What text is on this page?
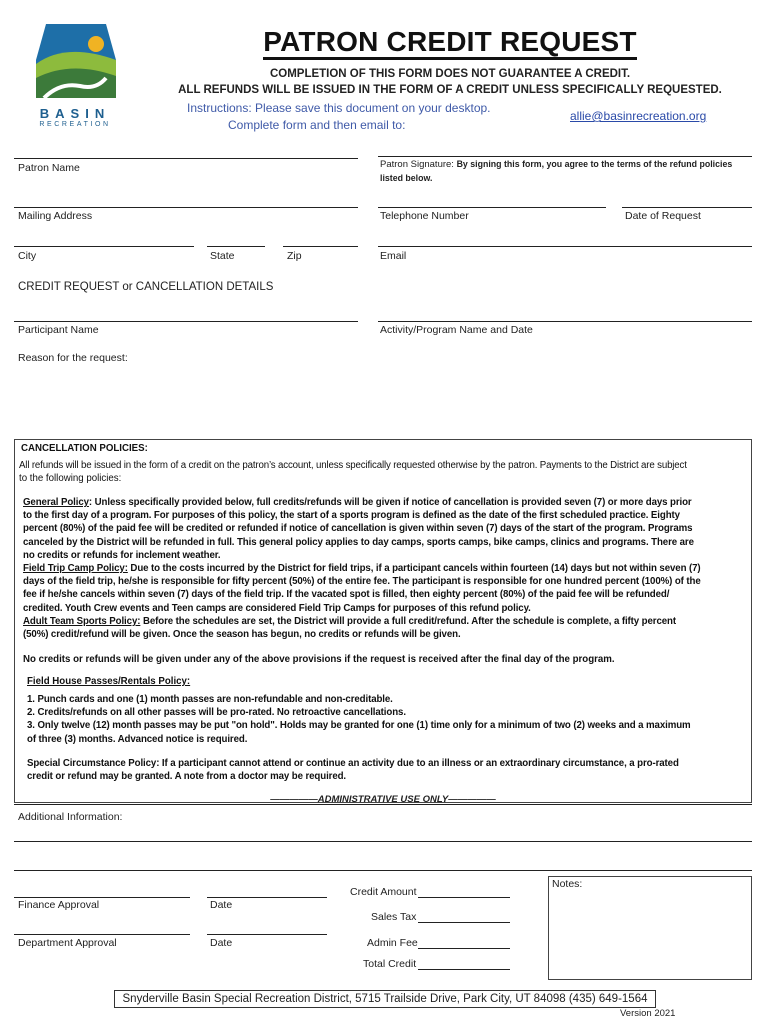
BASIN
RECREATION
PATRON CREDIT REQUEST
COMPLETION OF THIS FORM DOES NOT GUARANTEE A CREDIT.
ALL REFUNDS WILL BE ISSUED IN THE FORM OF A CREDIT UNLESS SPECIFICALLY REQUESTED.
Instructions: Please save this document on your desktop.
Complete form and then email to:
allie@basinrecreation.org
Patron Name	Patron Signature: By signing this form, you agree to the terms of the refund policies
listed below.
Mailing Address	Telephone Number	Date of Request
City	State	Zip	Email
CREDIT REQUEST or CANCELLATION DETAILS
Participant Name	Activity/Program Name and Date
Reason for the request:
CANCELLATION POLICIES:
All refunds will be issued in the form of a credit on the patron’s account, unless specifically requested otherwise by the patron. Payments to the District are subject
to the following policies:
General Policy: Unless specifically provided below, full credits/refunds will be given if notice of cancellation is provided seven (7) or more days prior
to the first day of a program. For purposes of this policy, the start of a sports program is defined as the date of the first scheduled practice. Eighty
percent (80%) of the paid fee will be credited or refunded if notice of cancellation is given within seven (7) days of the start of the program. Programs
canceled by the District will be refunded in full. This general policy applies to day camps, sports camps, bike camps, clinics and programs. There are
no credits or refunds for inclement weather.
Field Trip Camp Policy: Due to the costs incurred by the District for field trips, if a participant cancels within fourteen (14) days but not within seven (7)
days of the field trip, he/she is responsible for fifty percent (50%) of the entire fee. The participant is responsible for one hundred percent (100%) of the
fee if he/she cancels within seven (7) days of the field trip. If the vacated spot is filled, then eighty percent (80%) of the paid fee will be refunded/
credited. Youth Crew events and Teen camps are considered Field Trip Camps for purposes of this refund policy.
Adult Team Sports Policy: Before the schedules are set, the District will provide a full credit/refund. After the schedule is complete, a fifty percent
(50%) credit/refund will be given. Once the season has begun, no credits or refunds will be given.
No credits or refunds will be given under any of the above provisions if the request is received after the final day of the program.
Field House Passes/Rentals Policy:
1. Punch cards and one (1) month passes are non-refundable and non-creditable.
2. Credits/refunds on all other passes will be pro-rated. No retroactive cancellations.
3. Only twelve (12) month passes may be put "on hold". Holds may be granted for one (1) time only for a minimum of two (2) weeks and a maximum
of three (3) months. Advanced notice is required.
Special Circumstance Policy: If a participant cannot attend or continue an activity due to an illness or an extraordinary circumstance, a pro-rated
credit or refund may be granted. A note from a doctor may be required.
—————ADMINISTRATIVE USE ONLY—————
Additional Information:
Credit Amount
Finance Approval	Date
Sales Tax
Department Approval	Date	Admin Fee
Total Credit
Notes:
Snyderville Basin Special Recreation District, 5715 Trailside Drive, Park City, UT 84098 (435) 649-1564
Version 2021
